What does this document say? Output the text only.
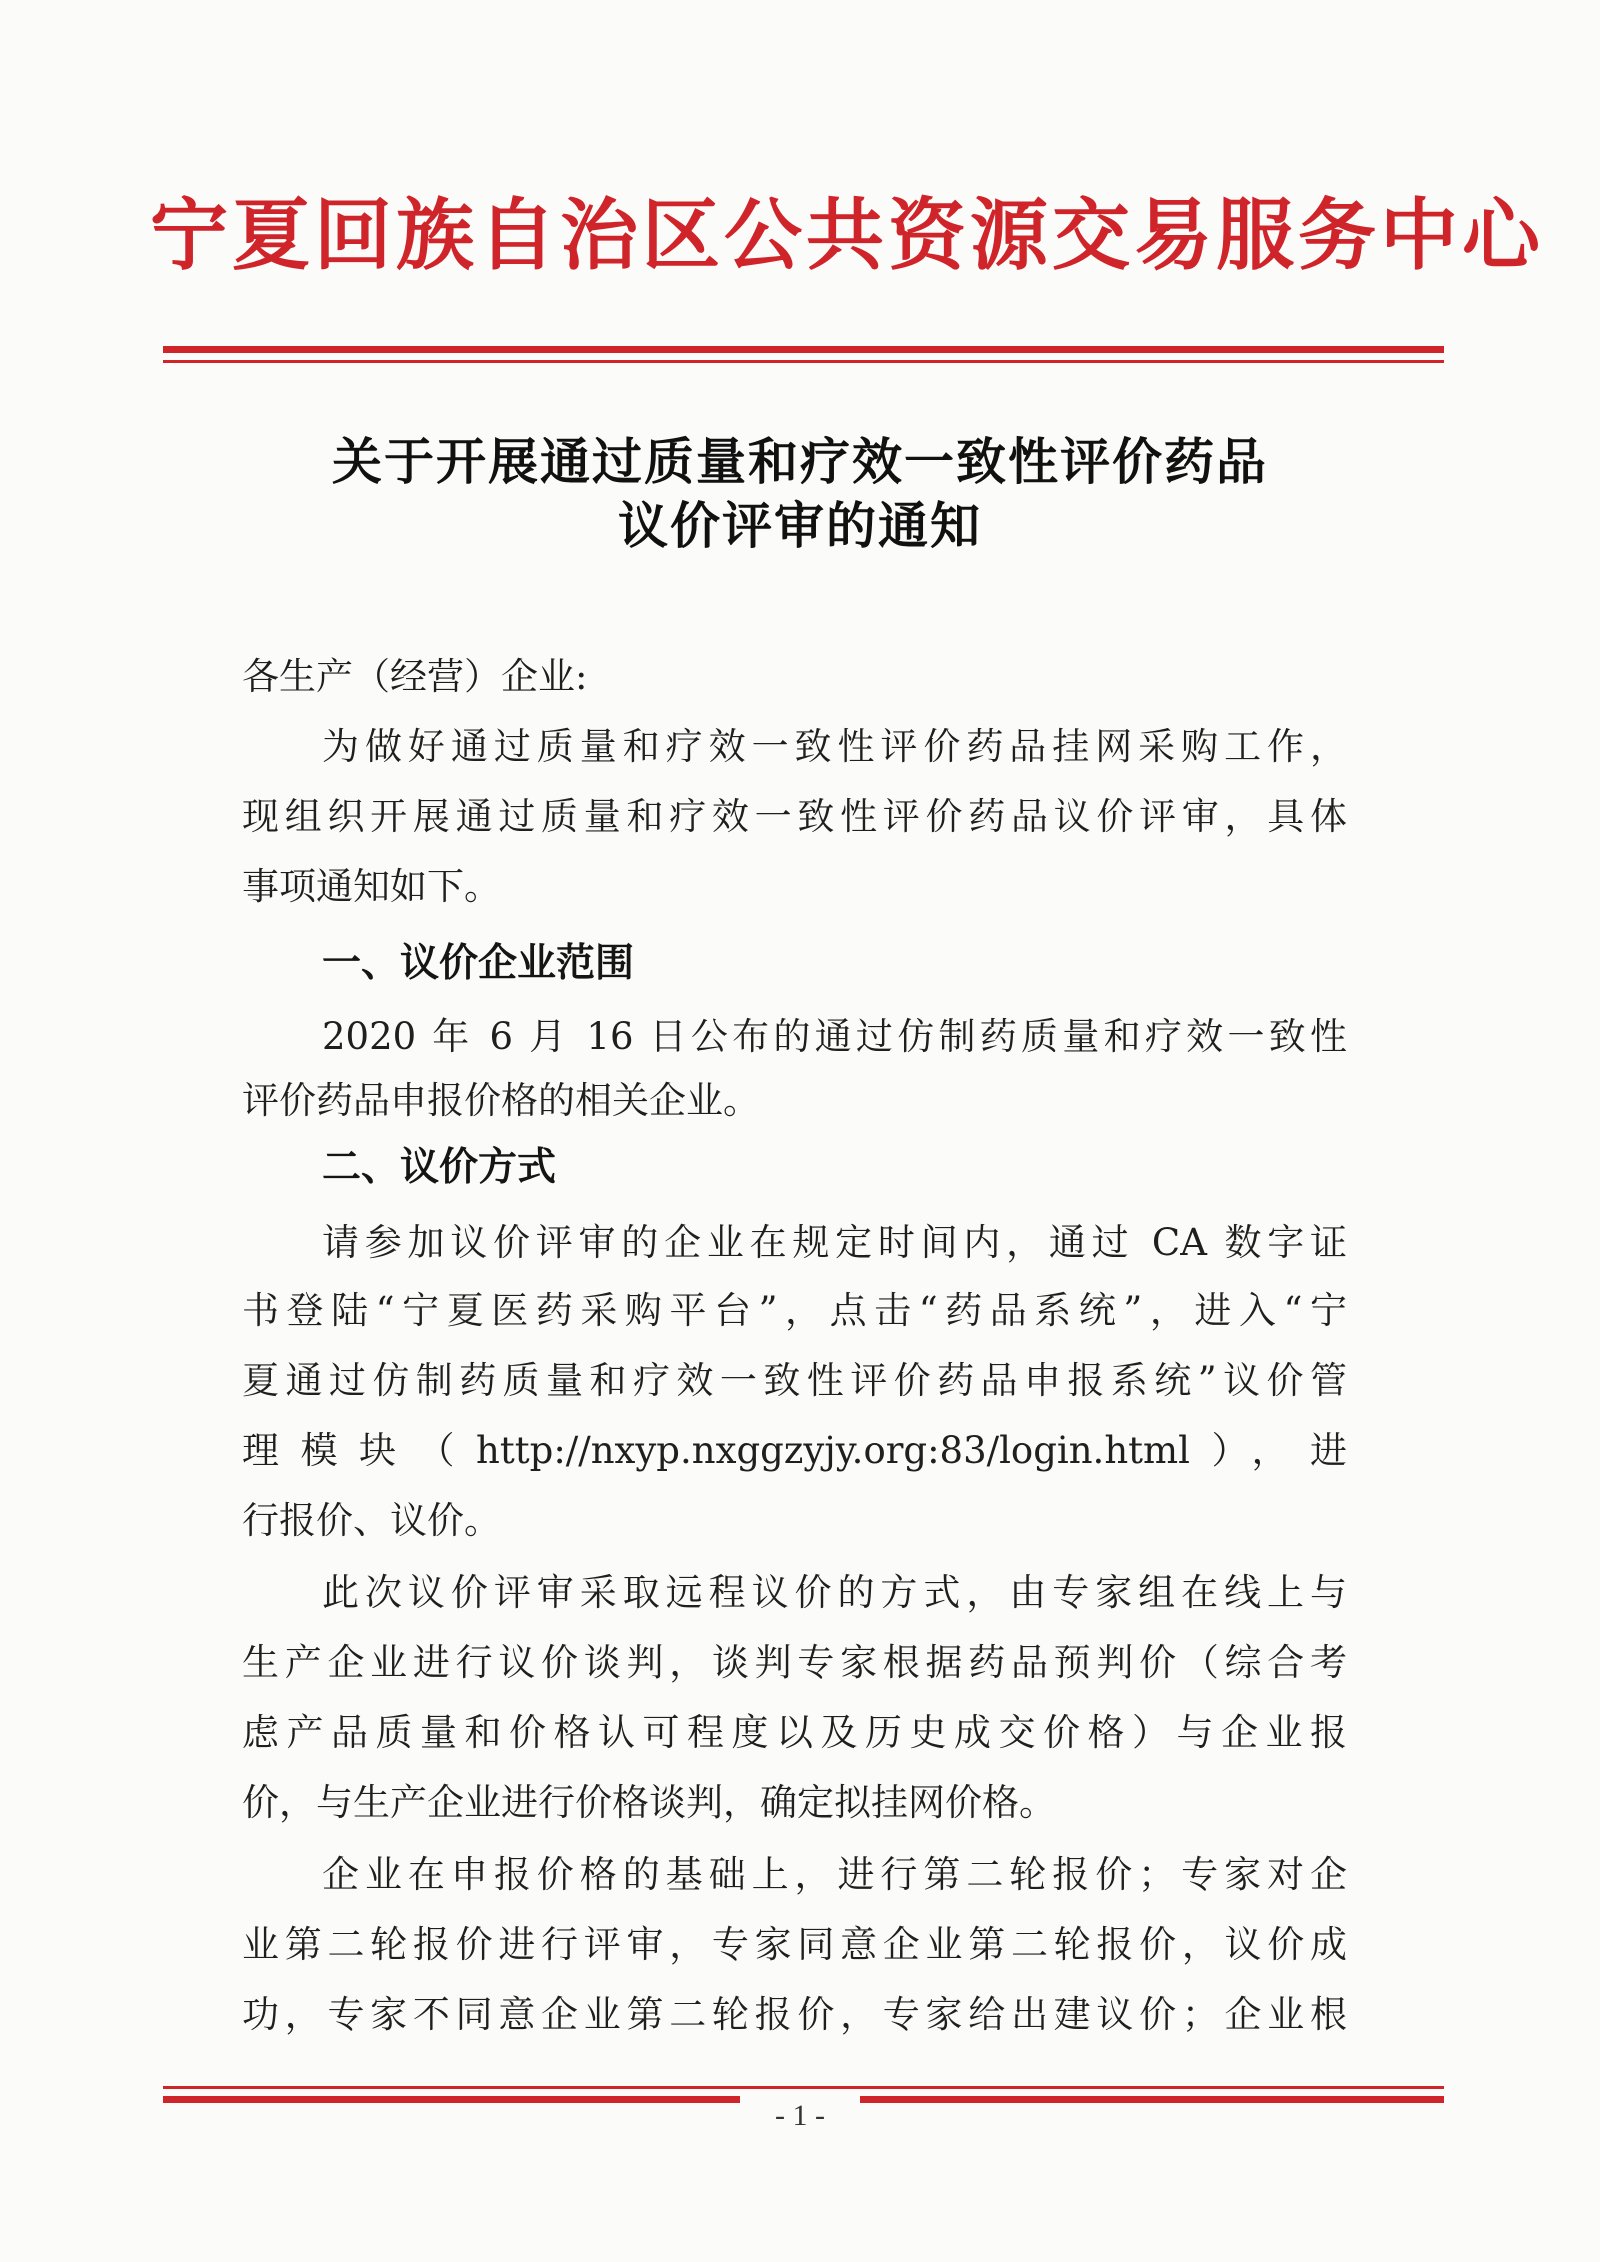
宁夏回族自治区公共资源交易服务中心
关于开展通过质量和疗效一致性评价药品
议价评审的通知
各生产（经营）企业:
为做好通过质量和疗效一致性评价药品挂网采购工作，
现组织开展通过质量和疗效一致性评价药品议价评审，具体
事项通知如下。
一、议价企业范围
2020 年 6 月 16 日公布的通过仿制药质量和疗效一致性
评价药品申报价格的相关企业。
二、议价方式
请参加议价评审的企业在规定时间内，通过 CA 数字证
书登陆“宁夏医药采购平台”，点击“药品系统”，进入“宁
夏通过仿制药质量和疗效一致性评价药品申报系统”议价管
理模块（http://nxyp.nxggzyjy.org:83/login.html），进
行报价、议价。
此次议价评审采取远程议价的方式，由专家组在线上与
生产企业进行议价谈判，谈判专家根据药品预判价（综合考
虑产品质量和价格认可程度以及历史成交价格）与企业报
价，与生产企业进行价格谈判，确定拟挂网价格。
企业在申报价格的基础上，进行第二轮报价；专家对企
业第二轮报价进行评审，专家同意企业第二轮报价，议价成
功，专家不同意企业第二轮报价，专家给出建议价；企业根
- 1 -
